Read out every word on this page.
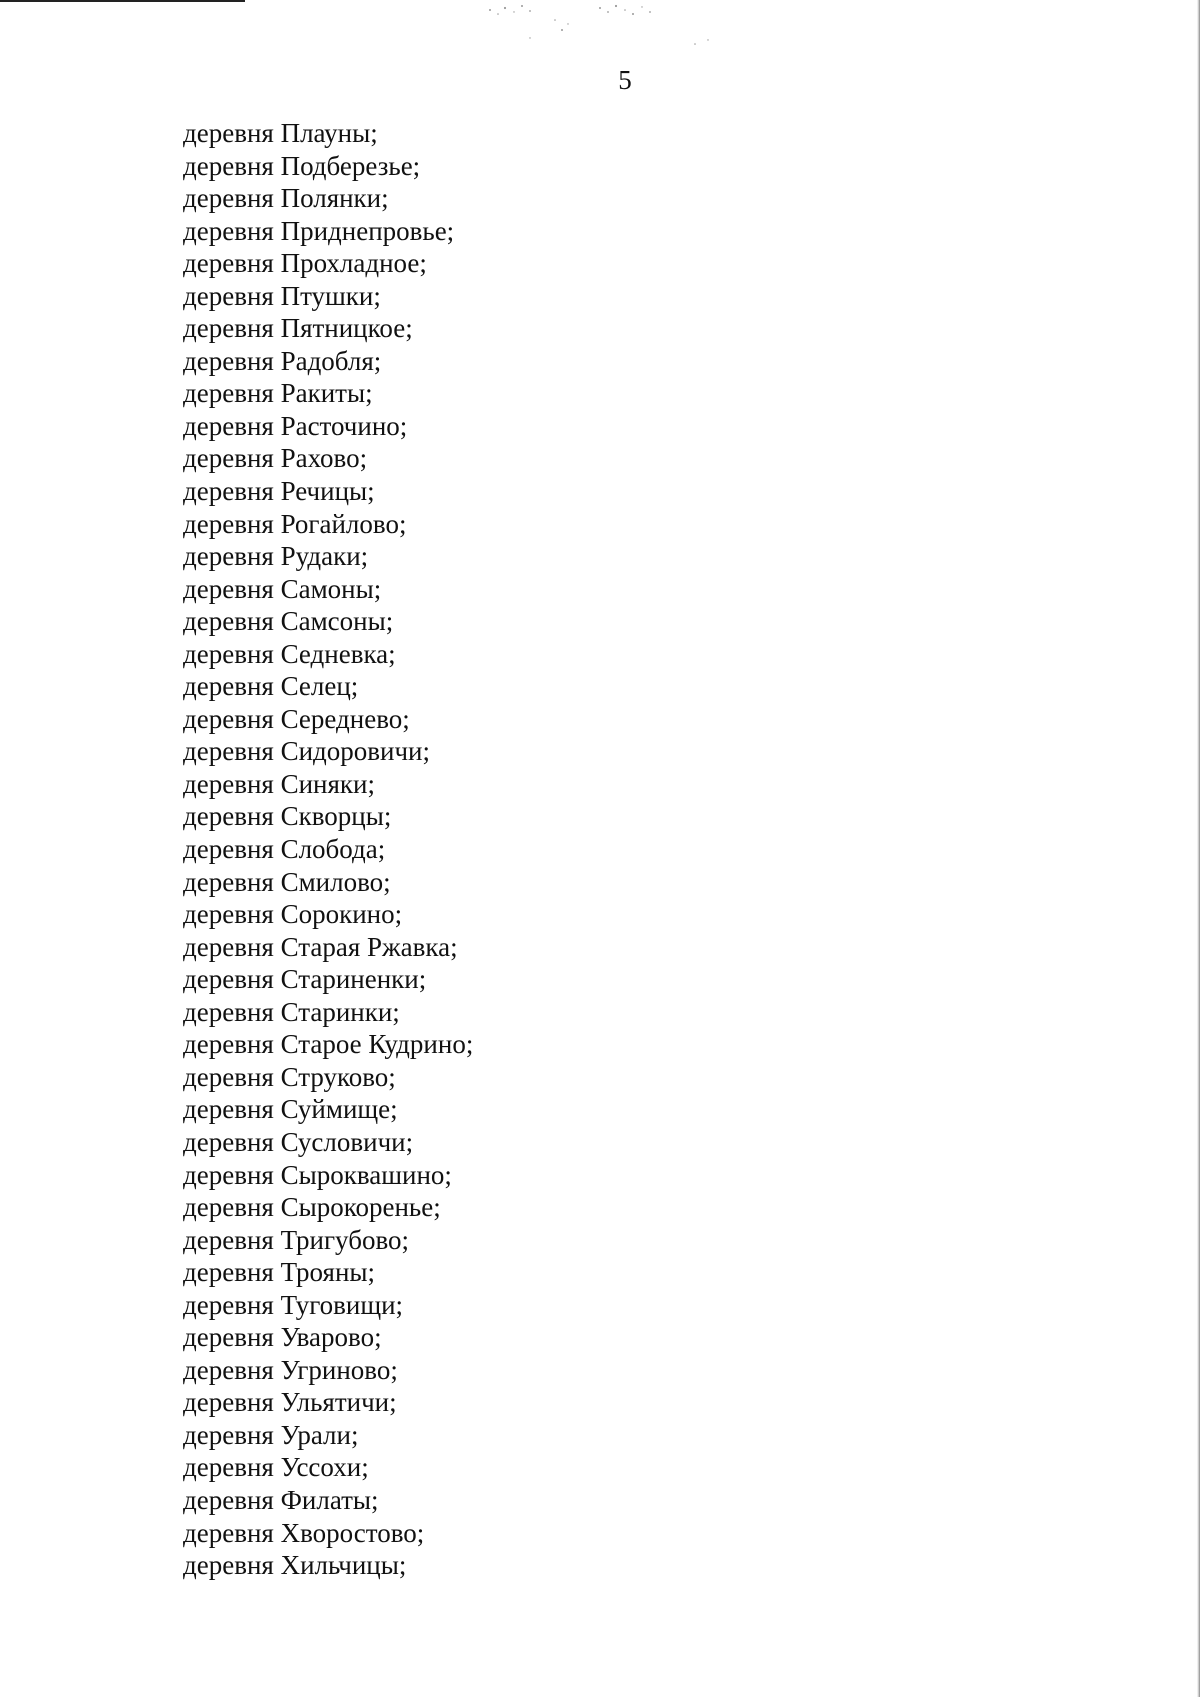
5
деревня Плауны;
деревня Подберезье;
деревня Полянки;
деревня Приднепровье;
деревня Прохладное;
деревня Птушки;
деревня Пятницкое;
деревня Радобля;
деревня Ракиты;
деревня Расточино;
деревня Рахово;
деревня Речицы;
деревня Рогайлово;
деревня Рудаки;
деревня Самоны;
деревня Самсоны;
деревня Седневка;
деревня Селец;
деревня Середнево;
деревня Сидоровичи;
деревня Синяки;
деревня Скворцы;
деревня Слобода;
деревня Смилово;
деревня Сорокино;
деревня Старая Ржавка;
деревня Стариненки;
деревня Старинки;
деревня Старое Кудрино;
деревня Струково;
деревня Суймище;
деревня Сусловичи;
деревня Сыроквашино;
деревня Сырокоренье;
деревня Тригубово;
деревня Трояны;
деревня Туговищи;
деревня Уварово;
деревня Угриново;
деревня Ульятичи;
деревня Урали;
деревня Уссохи;
деревня Филаты;
деревня Хворостово;
деревня Хильчицы;
